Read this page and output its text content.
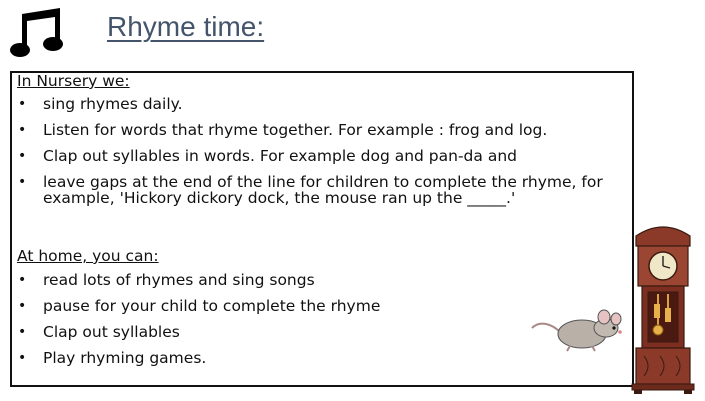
Rhyme time:
In Nursery we:
• sing rhymes daily.
• Listen for words that rhyme together. For example : frog and log.
• Clap out syllables in words. For example dog and pan-da and
• leave gaps at the end of the line for children to complete the rhyme, for
example, 'Hickory dickory dock, the mouse ran up the _____.'
At home, you can:
• read lots of rhymes and sing songs
• pause for your child to complete the rhyme
• Clap out syllables
• Play rhyming games.
